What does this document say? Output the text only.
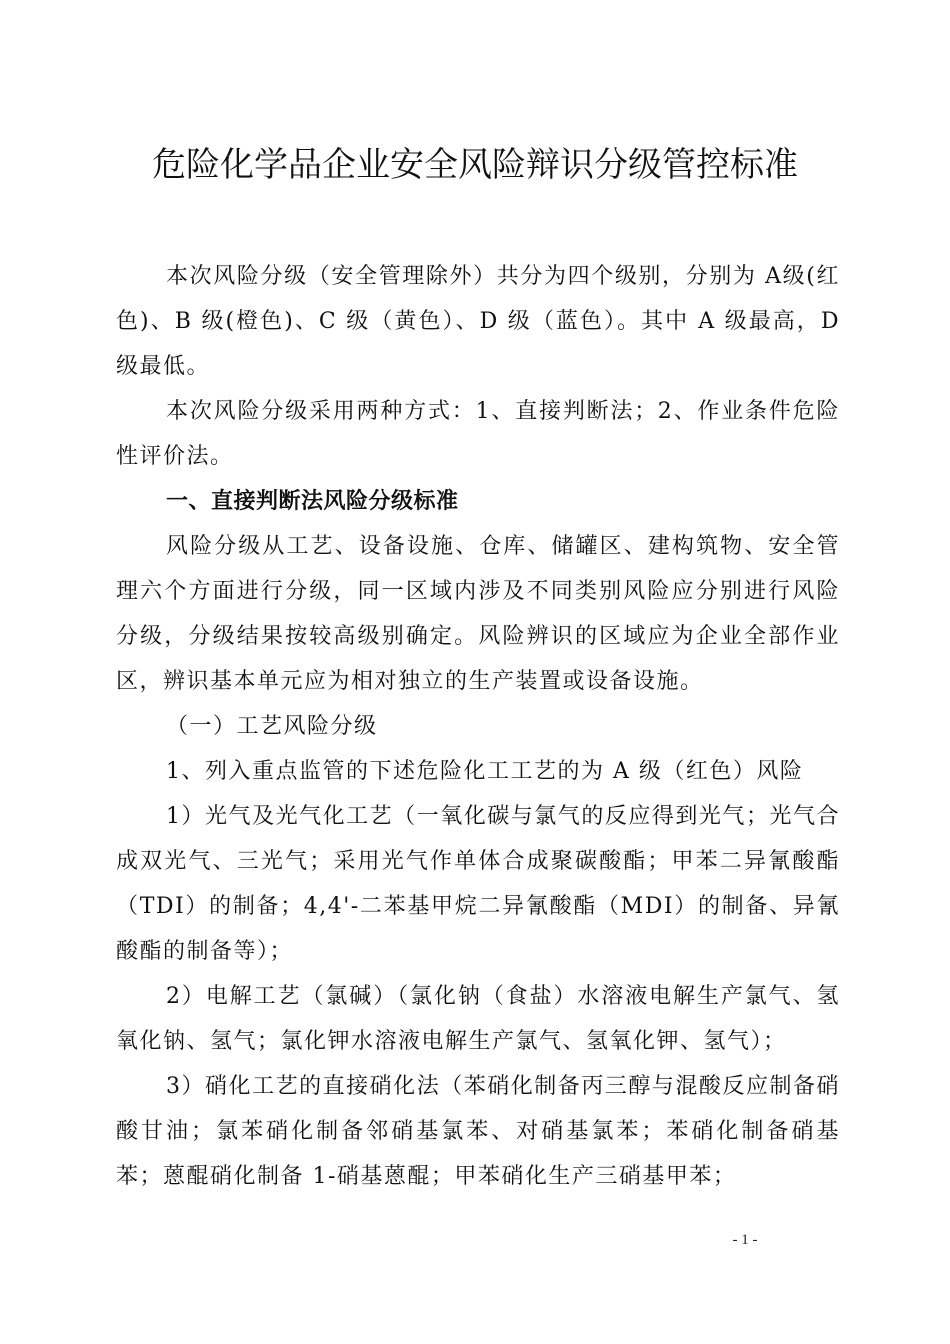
危险化学品企业安全风险辩识分级管控标准

本次风险分级（安全管理除外）共分为四个级别，分别为 A级(红色)、B 级(橙色)、C 级（黄色）、D 级（蓝色）。其中 A 级最高，D 级最低。

本次风险分级采用两种方式：1、直接判断法；2、作业条件危险性评价法。

一、直接判断法风险分级标准

风险分级从工艺、设备设施、仓库、储罐区、建构筑物、安全管理六个方面进行分级，同一区域内涉及不同类别风险应分别进行风险分级，分级结果按较高级别确定。风险辨识的区域应为企业全部作业区，辨识基本单元应为相对独立的生产装置或设备设施。

（一）工艺风险分级

1、列入重点监管的下述危险化工工艺的为 A 级（红色）风险

1）光气及光气化工艺（一氧化碳与氯气的反应得到光气；光气合成双光气、三光气；采用光气作单体合成聚碳酸酯；甲苯二异氰酸酯（TDI）的制备；4,4'-二苯基甲烷二异氰酸酯（MDI）的制备、异氰酸酯的制备等）；

2）电解工艺（氯碱）（氯化钠（食盐）水溶液电解生产氯气、氢氧化钠、氢气；氯化钾水溶液电解生产氯气、氢氧化钾、氢气）；

3）硝化工艺的直接硝化法（苯硝化制备丙三醇与混酸反应制备硝酸甘油；氯苯硝化制备邻硝基氯苯、对硝基氯苯；苯硝化制备硝基苯；蒽醌硝化制备 1-硝基蒽醌；甲苯硝化生产三硝基甲苯；

- 1 -
